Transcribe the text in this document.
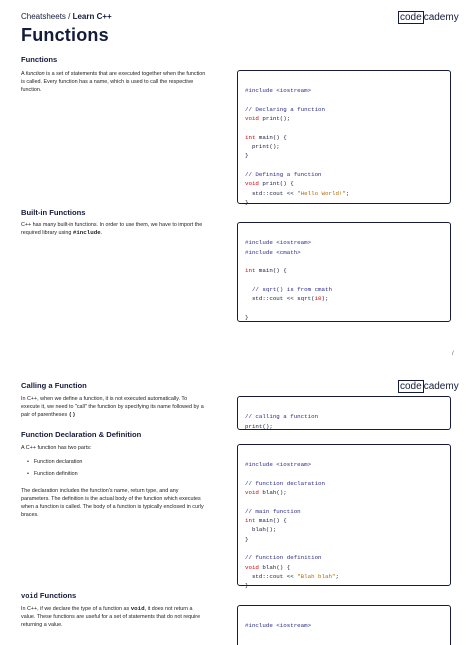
Cheatsheets / Learn C++
Functions
code cademy
Functions
A function is a set of statements that are executed together when the function is called. Every function has a name, which is used to call the respective function.	#include <iostream>
// Declaring a function
void print();
int main() {
print();
}
// Defining a function
void print() {
std::cout << "Hello World!";
}

Built-in Functions
C++ has many built-in functions. In order to use them, we have to import the required library using #include.

#include <iostream>
#include <cmath>
int main() {
// sqrt() is from cmath
std::cout << sqrt(10);
}

/
code cademy
Calling a Function
In C++, when we define a function, it is not executed automatically. To execute it, we need to "call" the function by specifying its name followed by a pair of parentheses ()	// calling a function
print();

Function Declaration & Definition
A C++ function has two parts:
• Function declaration
• Function definition
The declaration includes the function's name, return type, and any parameters. The definition is the actual body of the function which executes when a function is called. The body of a function is typically enclosed in curly braces.

#include <iostream>
// function declaration
void blah();
// main function
int main() {
blah();
}
// function definition
void blah() {
std::cout << "Blah blah";
}

void Functions
In C++, if we declare the type of a function as void, it does not return a value. These functions are useful for a set of statements that do not require returning a value.	#include <iostream>
